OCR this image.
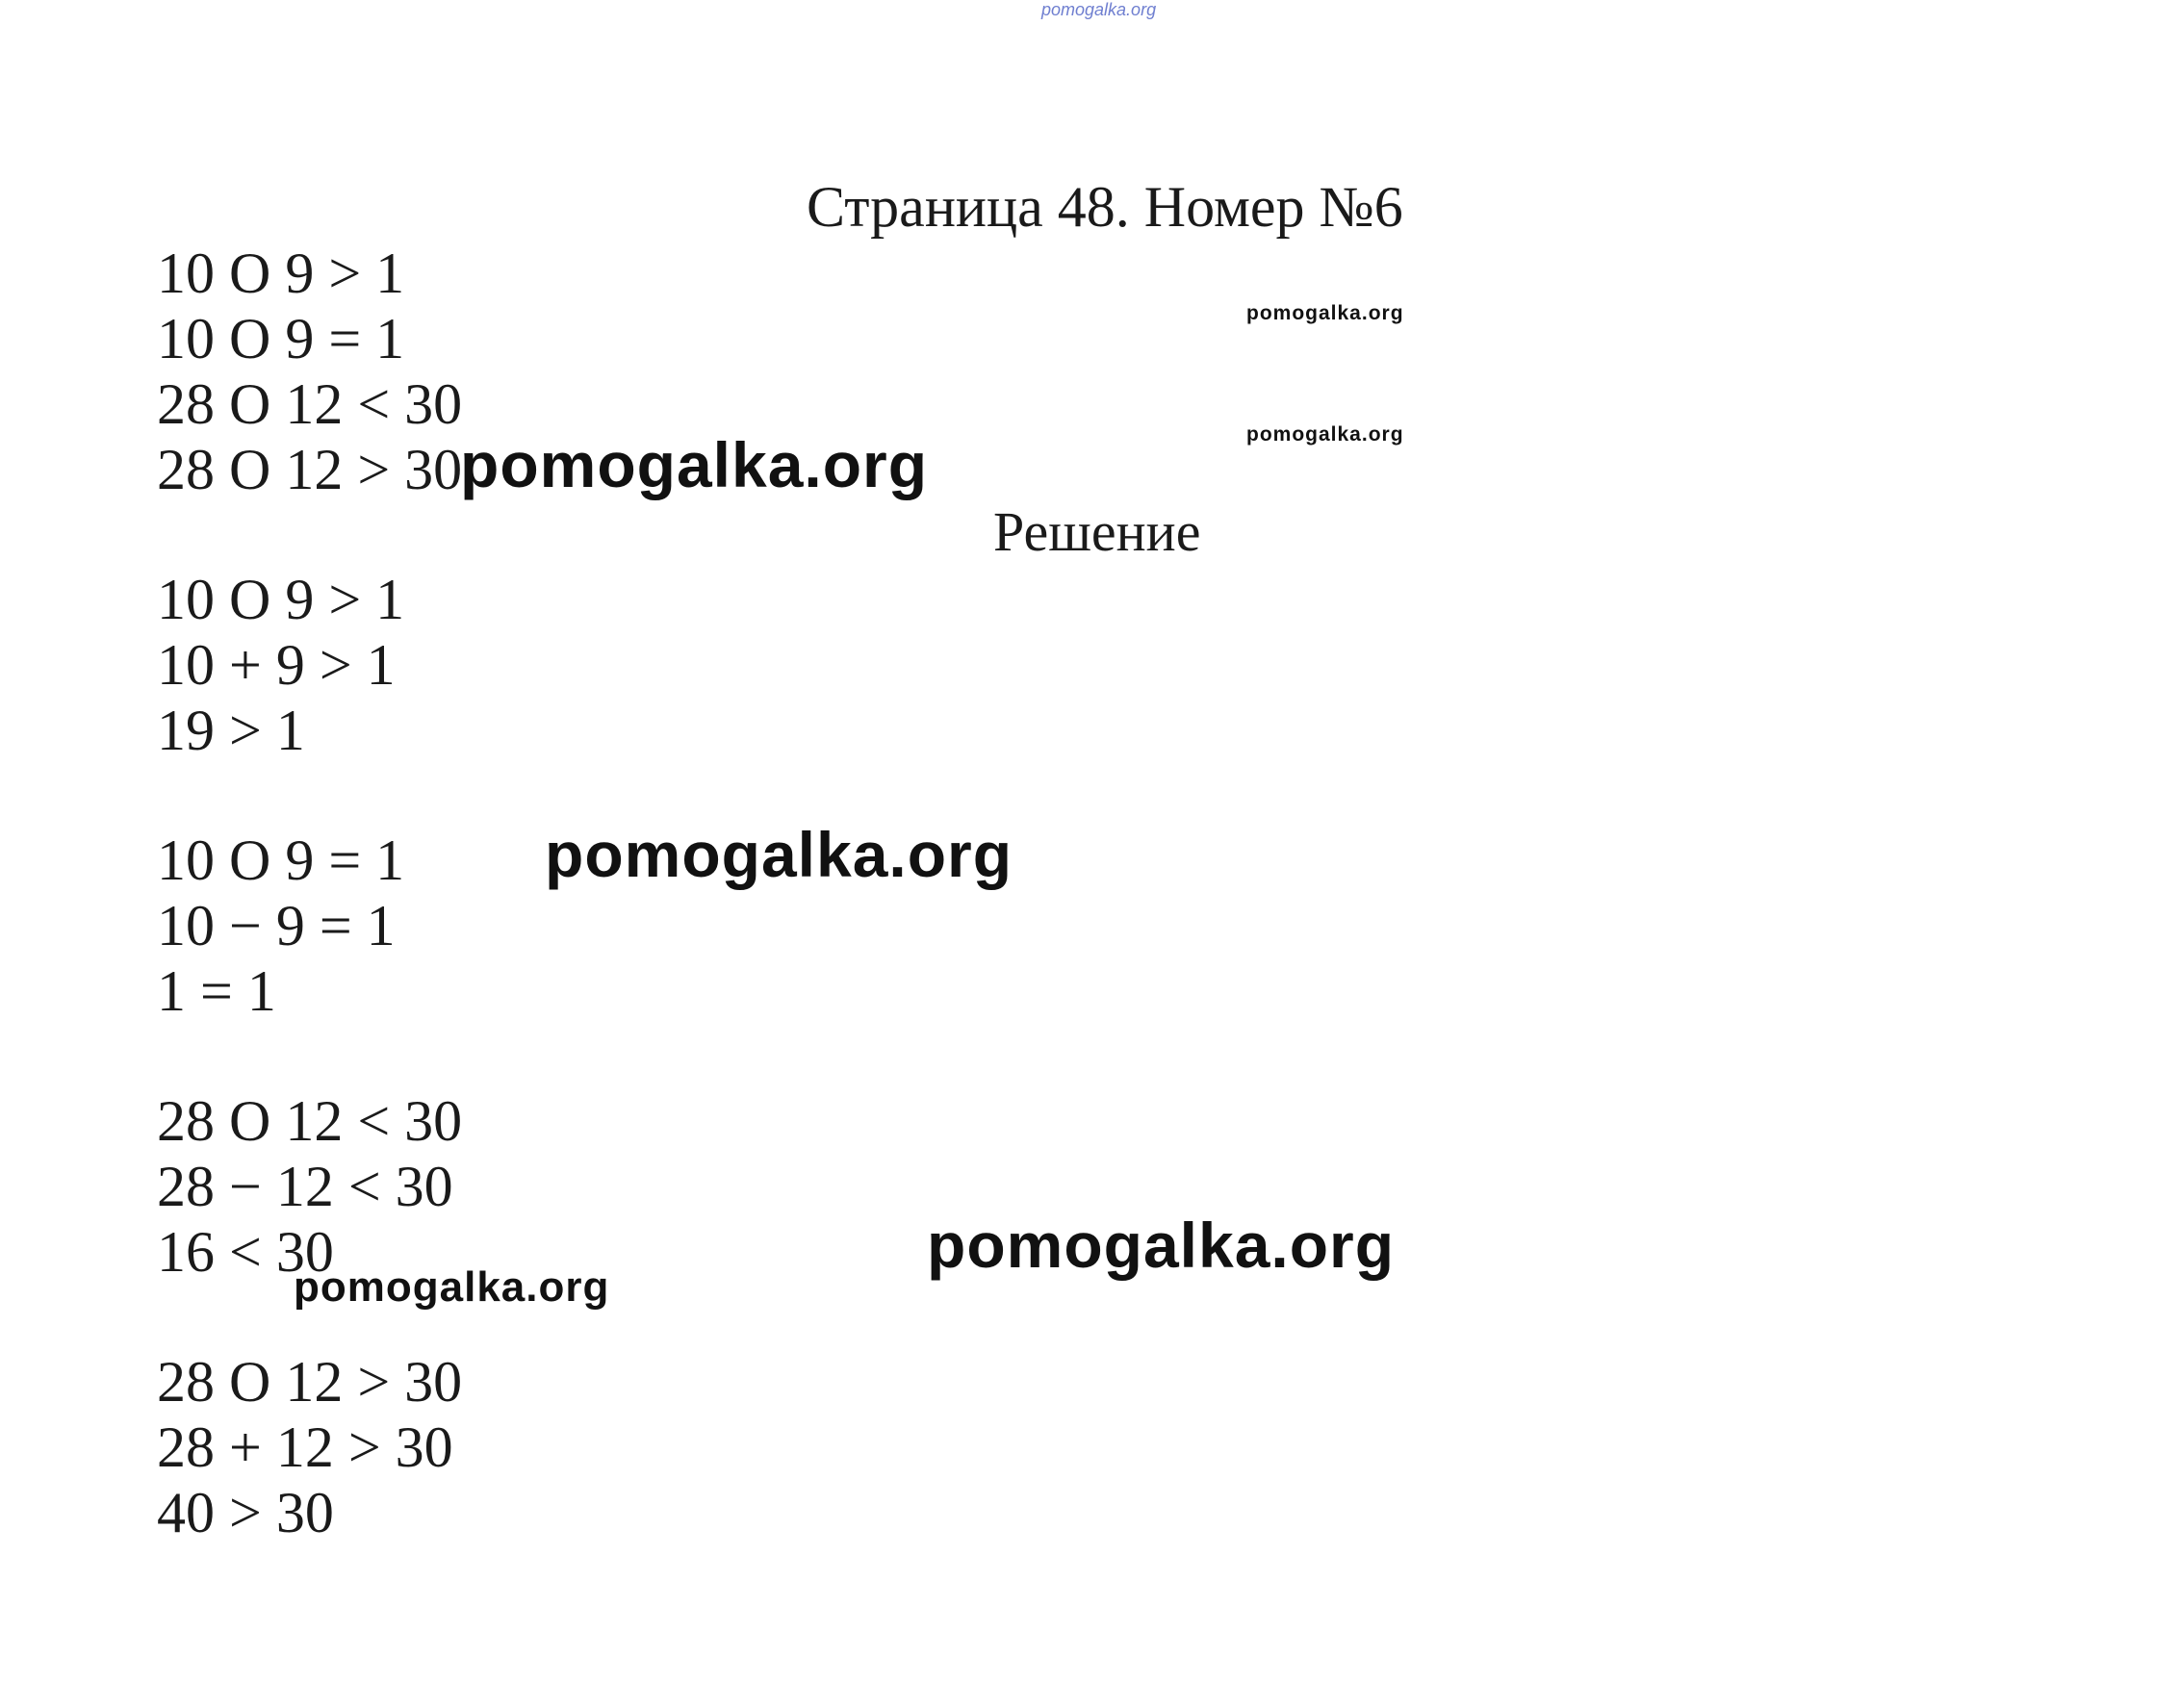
pomogalka.org
Страница 48. Номер №6
10 O 9 > 1
10 O 9 = 1
28 O 12 < 30
28 O 12 > 30
Решение
10 O 9 > 1
10 + 9 > 1
19 > 1
10 O 9 = 1
10 − 9 = 1
1 = 1
28 O 12 < 30
28 − 12 < 30
16 < 30
28 O 12 > 30
28 + 12 > 30
40 > 30
pomogalka.org
pomogalka.org
pomogalka.org
pomogalka.org
pomogalka.org
pomogalka.org
